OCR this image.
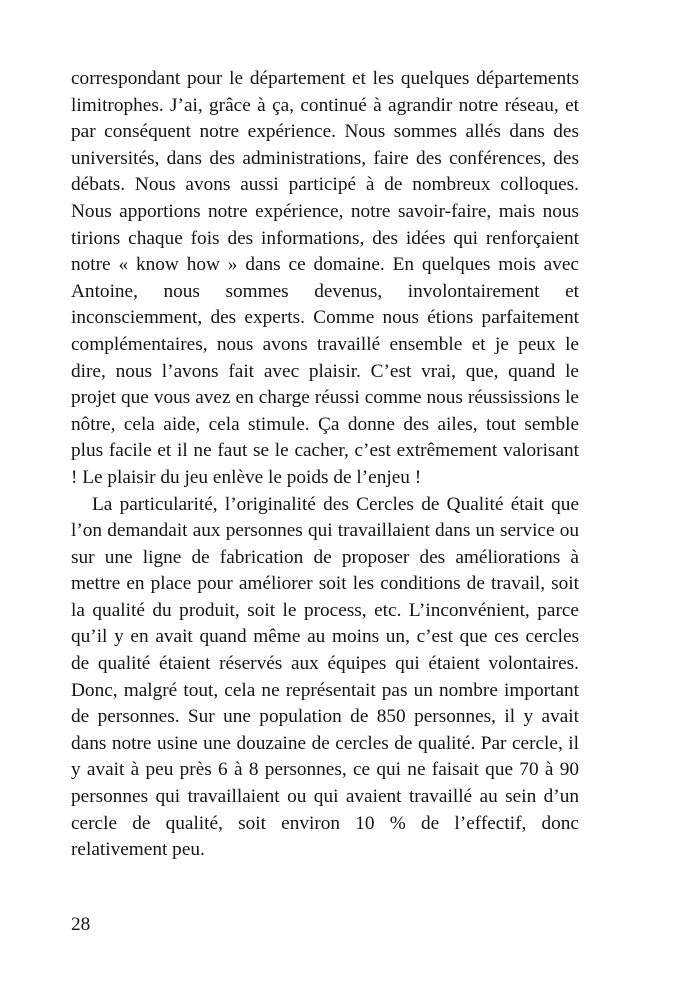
correspondant pour le département et les quelques départements limitrophes. J’ai, grâce à ça, continué à agrandir notre réseau, et par conséquent notre expérience. Nous sommes allés dans des universités, dans des administrations, faire des conférences, des débats. Nous avons aussi participé à de nombreux colloques. Nous apportions notre expérience, notre savoir-faire, mais nous tirions chaque fois des informations, des idées qui renforçaient notre « know how » dans ce domaine. En quelques mois avec Antoine, nous sommes devenus, involontairement et inconsciemment, des experts. Comme nous étions parfaitement complémentaires, nous avons travaillé ensemble et je peux le dire, nous l’avons fait avec plaisir. C’est vrai, que, quand le projet que vous avez en charge réussi comme nous réussissions le nôtre, cela aide, cela stimule. Ça donne des ailes, tout semble plus facile et il ne faut se le cacher, c’est extrêmement valorisant ! Le plaisir du jeu enlève le poids de l’enjeu !

La particularité, l’originalité des Cercles de Qualité était que l’on demandait aux personnes qui travaillaient dans un service ou sur une ligne de fabrication de proposer des améliorations à mettre en place pour améliorer soit les conditions de travail, soit la qualité du produit, soit le process, etc. L’inconvénient, parce qu’il y en avait quand même au moins un, c’est que ces cercles de qualité étaient réservés aux équipes qui étaient volontaires. Donc, malgré tout, cela ne représentait pas un nombre important de personnes. Sur une population de 850 personnes, il y avait dans notre usine une douzaine de cercles de qualité. Par cercle, il y avait à peu près 6 à 8 personnes, ce qui ne faisait que 70 à 90 personnes qui travaillaient ou qui avaient travaillé au sein d’un cercle de qualité, soit environ 10 % de l’effectif, donc relativement peu.

28
